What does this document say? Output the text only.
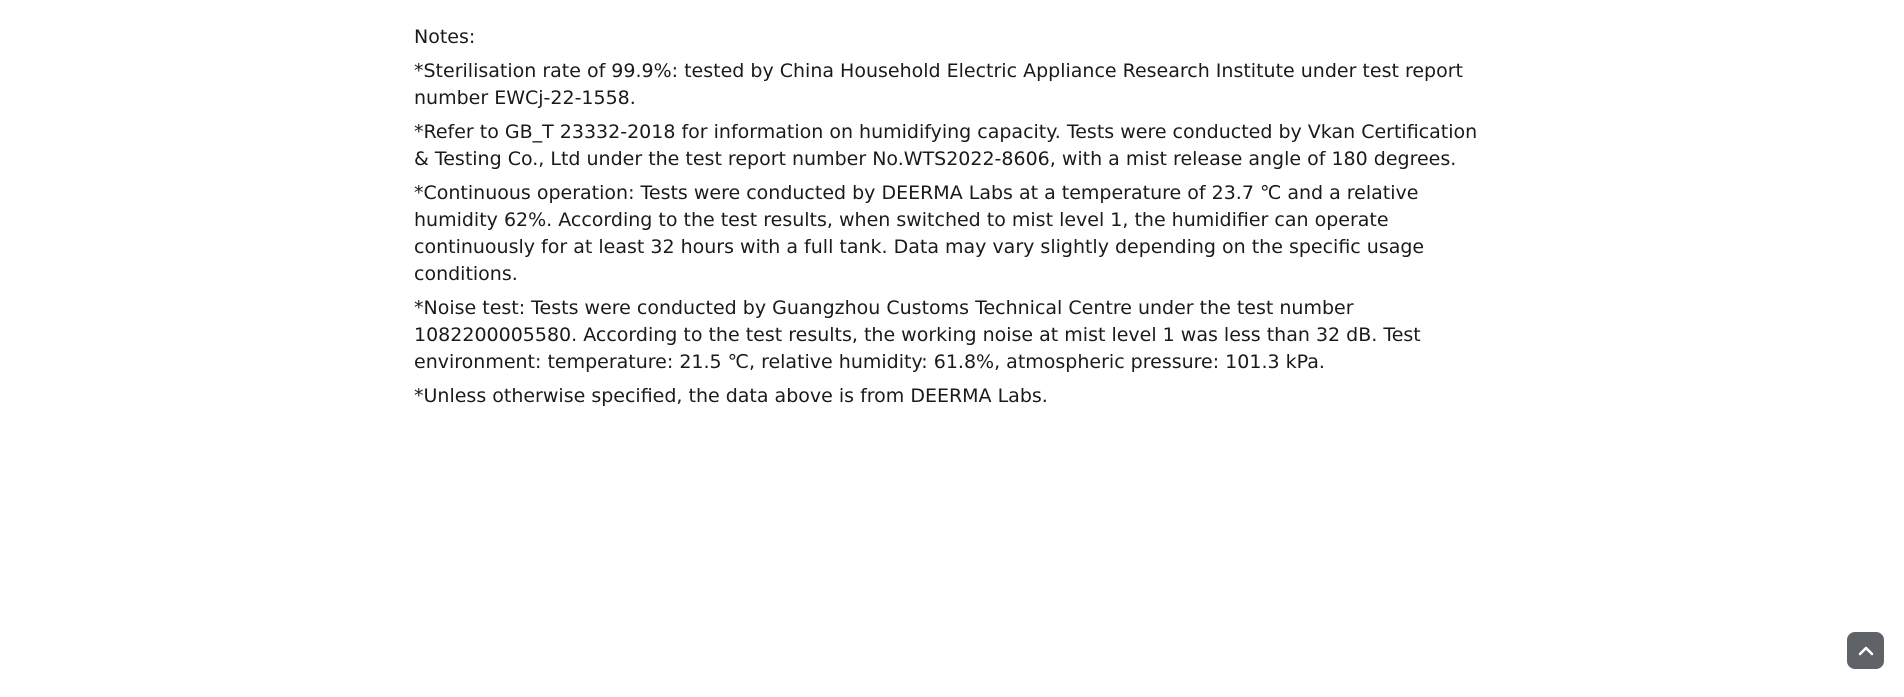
Notes:

*Sterilisation rate of 99.9%: tested by China Household Electric Appliance Research Institute under test report number EWCj-22-1558.

*Refer to GB_T 23332-2018 for information on humidifying capacity. Tests were conducted by Vkan Certification & Testing Co., Ltd under the test report number No.WTS2022-8606, with a mist release angle of 180 degrees.

*Continuous operation: Tests were conducted by DEERMA Labs at a temperature of 23.7 ℃ and a relative humidity 62%. According to the test results, when switched to mist level 1, the humidifier can operate continuously for at least 32 hours with a full tank. Data may vary slightly depending on the specific usage conditions.

*Noise test: Tests were conducted by Guangzhou Customs Technical Centre under the test number 1082200005580. According to the test results, the working noise at mist level 1 was less than 32 dB. Test environment: temperature: 21.5 ℃, relative humidity: 61.8%, atmospheric pressure: 101.3 kPa.

*Unless otherwise specified, the data above is from DEERMA Labs.
